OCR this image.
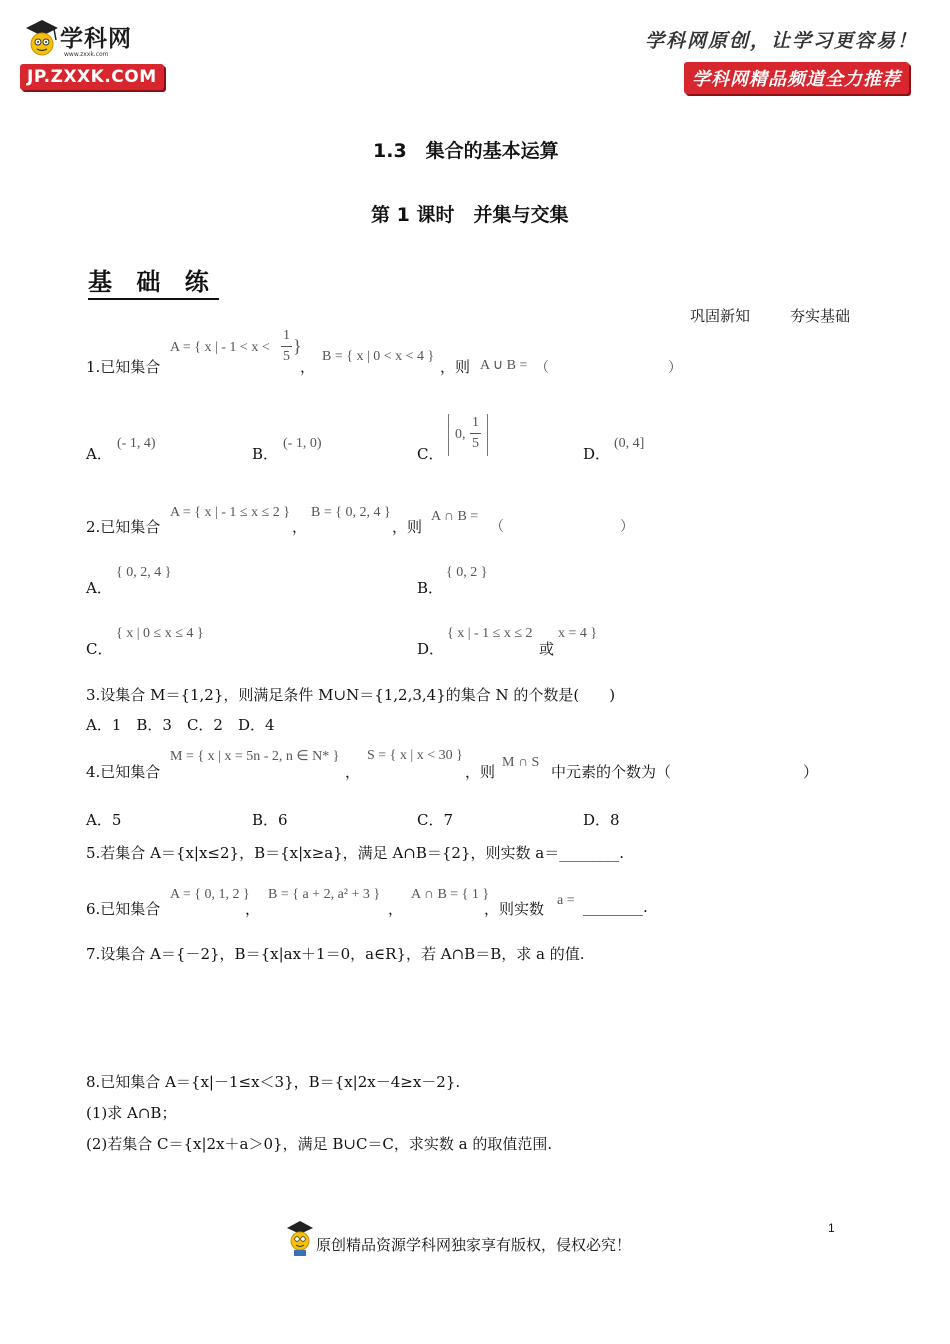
学科网
www.zxxk.com
JP.ZXXK.COM
学科网原创，让学习更容易！
学科网精品频道全力推荐
1.3　集合的基本运算
第 1 课时　并集与交集
基 础 练
巩固新知	夯实基础
1.已知集合
A = { x | - 1 < x <
1
5
}
，
B = { x | 0 < x < 4 }
，则 A ∪ B = （	）
A．
(- 1, 4)
B．
(- 1, 0)
C．
0,
1
5
D．
(0, 4]
2.已知集合
A = { x | - 1 ≤ x ≤ 2 }
，
B = { 0, 2, 4 }
，则
A ∩ B =
（	）
A．
{ 0, 2, 4 }
B．
{ 0, 2 }
C．
{ x | 0 ≤ x ≤ 4 }
D．
{ x | - 1 ≤ x ≤ 2
或
x = 4 }
3.设集合 M＝{1,2}，则满足条件 M∪N＝{1,2,3,4}的集合 N 的个数是(　　)
A．1　B．3　C．2　D．4
4.已知集合
M = { x | x = 5n - 2, n ∈ N* }
，
S = { x | x < 30 }
，则
M ∩ S
中元素的个数为（	）
A．5	B．6	C．7	D．8
5.若集合 A＝{x|x≤2}，B＝{x|x≥a}，满足 A∩B＝{2}，则实数 a＝________.
6.已知集合
A = { 0, 1, 2 }
，
B = { a + 2, a² + 3 }
，
A ∩ B = { 1 }
，则实数 a = ________.
7.设集合 A＝{－2}，B＝{x|ax＋1＝0，a∈R}，若 A∩B＝B，求 a 的值.
8.已知集合 A＝{x|－1≤x＜3}，B＝{x|2x－4≥x－2}.
(1)求 A∩B；
(2)若集合 C＝{x|2x＋a＞0}，满足 B∪C＝C，求实数 a 的取值范围.
1
原创精品资源学科网独家享有版权，侵权必究！
